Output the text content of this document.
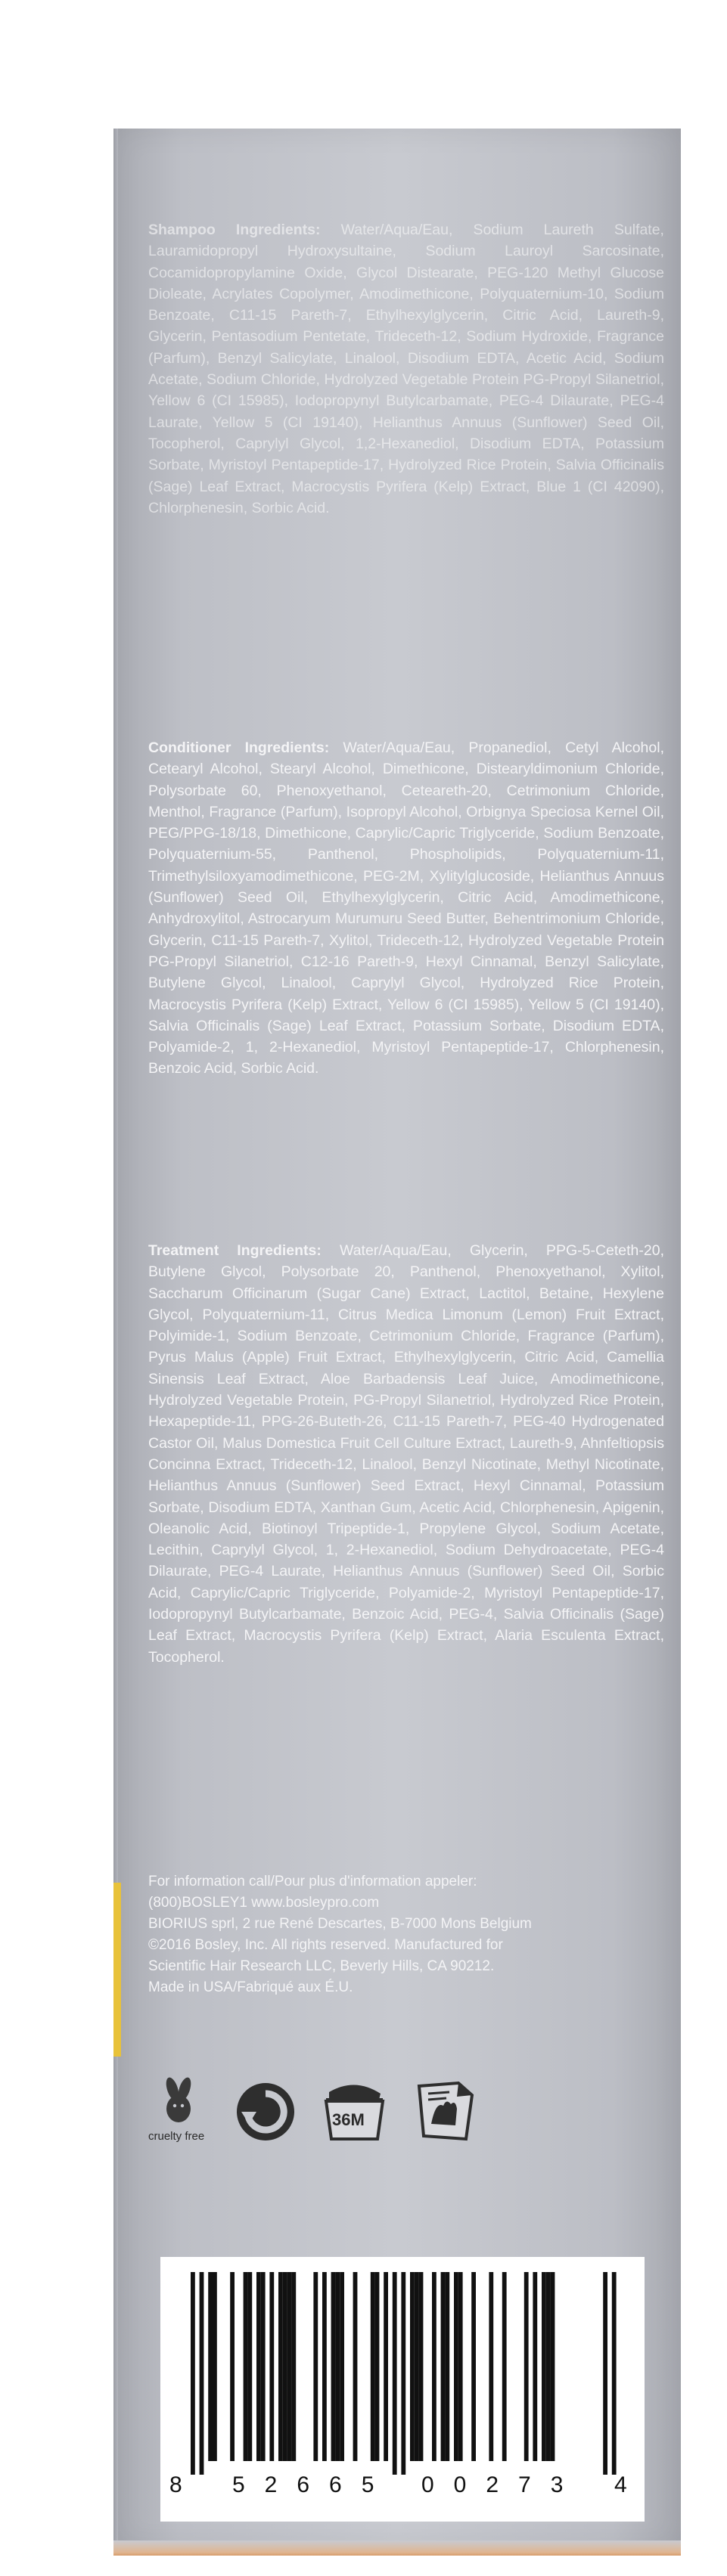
Shampoo Ingredients: Water/Aqua/Eau, Sodium Laureth Sulfate, Lauramidopropyl Hydroxysultaine, Sodium Lauroyl Sarcosinate, Cocamidopropylamine Oxide, Glycol Distearate, PEG-120 Methyl Glucose Dioleate, Acrylates Copolymer, Amodimethicone, Polyquaternium-10, Sodium Benzoate, C11-15 Pareth-7, Ethylhexylglycerin, Citric Acid, Laureth-9, Glycerin, Pentasodium Pentetate, Trideceth-12, Sodium Hydroxide, Fragrance (Parfum), Benzyl Salicylate, Linalool, Disodium EDTA, Acetic Acid, Sodium Acetate, Sodium Chloride, Hydrolyzed Vegetable Protein PG-Propyl Silanetriol, Yellow 6 (CI 15985), Iodopropynyl Butylcarbamate, PEG-4 Dilaurate, PEG-4 Laurate, Yellow 5 (CI 19140), Helianthus Annuus (Sunflower) Seed Oil, Tocopherol, Caprylyl Glycol, 1,2-Hexanediol, Disodium EDTA, Potassium Sorbate, Myristoyl Pentapeptide-17, Hydrolyzed Rice Protein, Salvia Officinalis (Sage) Leaf Extract, Macrocystis Pyrifera (Kelp) Extract, Blue 1 (CI 42090), Chlorphenesin, Sorbic Acid.
Conditioner Ingredients: Water/Aqua/Eau, Propanediol, Cetyl Alcohol, Cetearyl Alcohol, Stearyl Alcohol, Dimethicone, Distearyldimonium Chloride, Polysorbate 60, Phenoxyethanol, Ceteareth-20, Cetrimonium Chloride, Menthol, Fragrance (Parfum), Isopropyl Alcohol, Orbignya Speciosa Kernel Oil, PEG/PPG-18/18, Dimethicone, Caprylic/Capric Triglyceride, Sodium Benzoate, Polyquaternium-55, Panthenol, Phospholipids, Polyquaternium-11, Trimethylsiloxyamodimethicone, PEG-2M, Xylitylglucoside, Helianthus Annuus (Sunflower) Seed Oil, Ethylhexylglycerin, Citric Acid, Amodimethicone, Anhydroxylitol, Astrocaryum Murumuru Seed Butter, Behentrimonium Chloride, Glycerin, C11-15 Pareth-7, Xylitol, Trideceth-12, Hydrolyzed Vegetable Protein PG-Propyl Silanetriol, C12-16 Pareth-9, Hexyl Cinnamal, Benzyl Salicylate, Butylene Glycol, Linalool, Caprylyl Glycol, Hydrolyzed Rice Protein, Macrocystis Pyrifera (Kelp) Extract, Yellow 6 (CI 15985), Yellow 5 (CI 19140), Salvia Officinalis (Sage) Leaf Extract, Potassium Sorbate, Disodium EDTA, Polyamide-2, 1, 2-Hexanediol, Myristoyl Pentapeptide-17, Chlorphenesin, Benzoic Acid, Sorbic Acid.
Treatment Ingredients: Water/Aqua/Eau, Glycerin, PPG-5-Ceteth-20, Butylene Glycol, Polysorbate 20, Panthenol, Phenoxyethanol, Xylitol, Saccharum Officinarum (Sugar Cane) Extract, Lactitol, Betaine, Hexylene Glycol, Polyquaternium-11, Citrus Medica Limonum (Lemon) Fruit Extract, Polyimide-1, Sodium Benzoate, Cetrimonium Chloride, Fragrance (Parfum), Pyrus Malus (Apple) Fruit Extract, Ethylhexylglycerin, Citric Acid, Camellia Sinensis Leaf Extract, Aloe Barbadensis Leaf Juice, Amodimethicone, Hydrolyzed Vegetable Protein, PG-Propyl Silanetriol, Hydrolyzed Rice Protein, Hexapeptide-11, PPG-26-Buteth-26, C11-15 Pareth-7, PEG-40 Hydrogenated Castor Oil, Malus Domestica Fruit Cell Culture Extract, Laureth-9, Ahnfeltiopsis Concinna Extract, Trideceth-12, Linalool, Benzyl Nicotinate, Methyl Nicotinate, Helianthus Annuus (Sunflower) Seed Extract, Hexyl Cinnamal, Potassium Sorbate, Disodium EDTA, Xanthan Gum, Acetic Acid, Chlorphenesin, Apigenin, Oleanolic Acid, Biotinoyl Tripeptide-1, Propylene Glycol, Sodium Acetate, Lecithin, Caprylyl Glycol, 1, 2-Hexanediol, Sodium Dehydroacetate, PEG-4 Dilaurate, PEG-4 Laurate, Helianthus Annuus (Sunflower) Seed Oil, Sorbic Acid, Caprylic/Capric Triglyceride, Polyamide-2, Myristoyl Pentapeptide-17, Iodopropynyl Butylcarbamate, Benzoic Acid, PEG-4, Salvia Officinalis (Sage) Leaf Extract, Macrocystis Pyrifera (Kelp) Extract, Alaria Esculenta Extract, Tocopherol.
For information call/Pour plus d'information appeler:
(800)BOSLEY1 www.bosleypro.com
BIORIUS sprl, 2 rue René Descartes, B-7000 Mons Belgium
©2016 Bosley, Inc. All rights reserved. Manufactured for
Scientific Hair Research LLC, Beverly Hills, CA 90212.
Made in USA/Fabriqué aux É.U.
cruelty free
36M
8 52665 00273 4
